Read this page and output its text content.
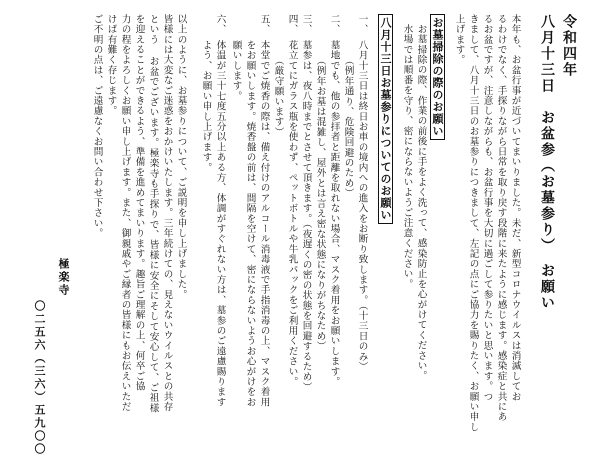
令和四年
八月十三日　お盆参（お墓参り）　お願い
本年も、お盆行事が近づいてまいりました。未だ、新型コロナウイルスは消滅してお
るわけでなく、手探りながら日常を取り戻す段階に来たように感じます。感染症と共にあ
るお盆ですが、注意しながらも、お盆行事を大切に過ごして参りたいと思います。つ
きまして、八月十三日のお墓参りにつきまして、左記の点にご協力を賜りたく、お願い申し
上げます。
お墓掃除の際のお願い
お墓掃除の際、作業の前後に手をよく洗って、感染防止を心がけてください。
水場では順番を守り、密にならないようご注意ください。
八月十三日お墓参りについてのお願い
一、
八月十三日は終日お車の境内への進入をお断り致します。（十三日のみ）
　　（例年通り、危険回避のため）
二、
墓地でも、他の参拝者と距離を取れない場合、マスク着用をお願いします。
　　（例年お墓は混雑し、屋外とは言え密な状態になりがちなため）
三、
墓参は、夜八時までとさせて頂きます。（夜遅くの密の状態を回避するため）
四、
花立てにガラス瓶を使わず、ペットボトルや牛乳パックをご利用ください。
　　（厳守願います）
五、
本堂でご焼香の際は、備え付けのアルコール消毒液で手指消毒の上、マスク着用
をお願いします。焼香盤の前は、間隔を空けて、密にならないようお心がけをお
願いします。
六、
体温が三十七度五分以上ある方、体調がすぐれない方は、墓参のご遠慮賜ります
よう、お願い申し上げます。
以上のように、お墓参りについて、ご説明を申し上げました。
皆様には大変なご迷惑をおかけいたします。三年続けての、見えないウイルスとの共存
という お盆でございます。極楽寺も手探りで、皆様に安全にそして安心して、ご祖様
を迎えることができるよう、準備を進めてまいります。趣旨ご理解の上、何卒ご協
力の程をよろしくお願い申し上げます。また、御親戚やご縁者の皆様にもお伝えいただ
けば有難く存じます。
ご不明の点は、ご遠慮なくお問い合わせ下さい。
極楽寺
〇二五六（三六）五九〇〇
